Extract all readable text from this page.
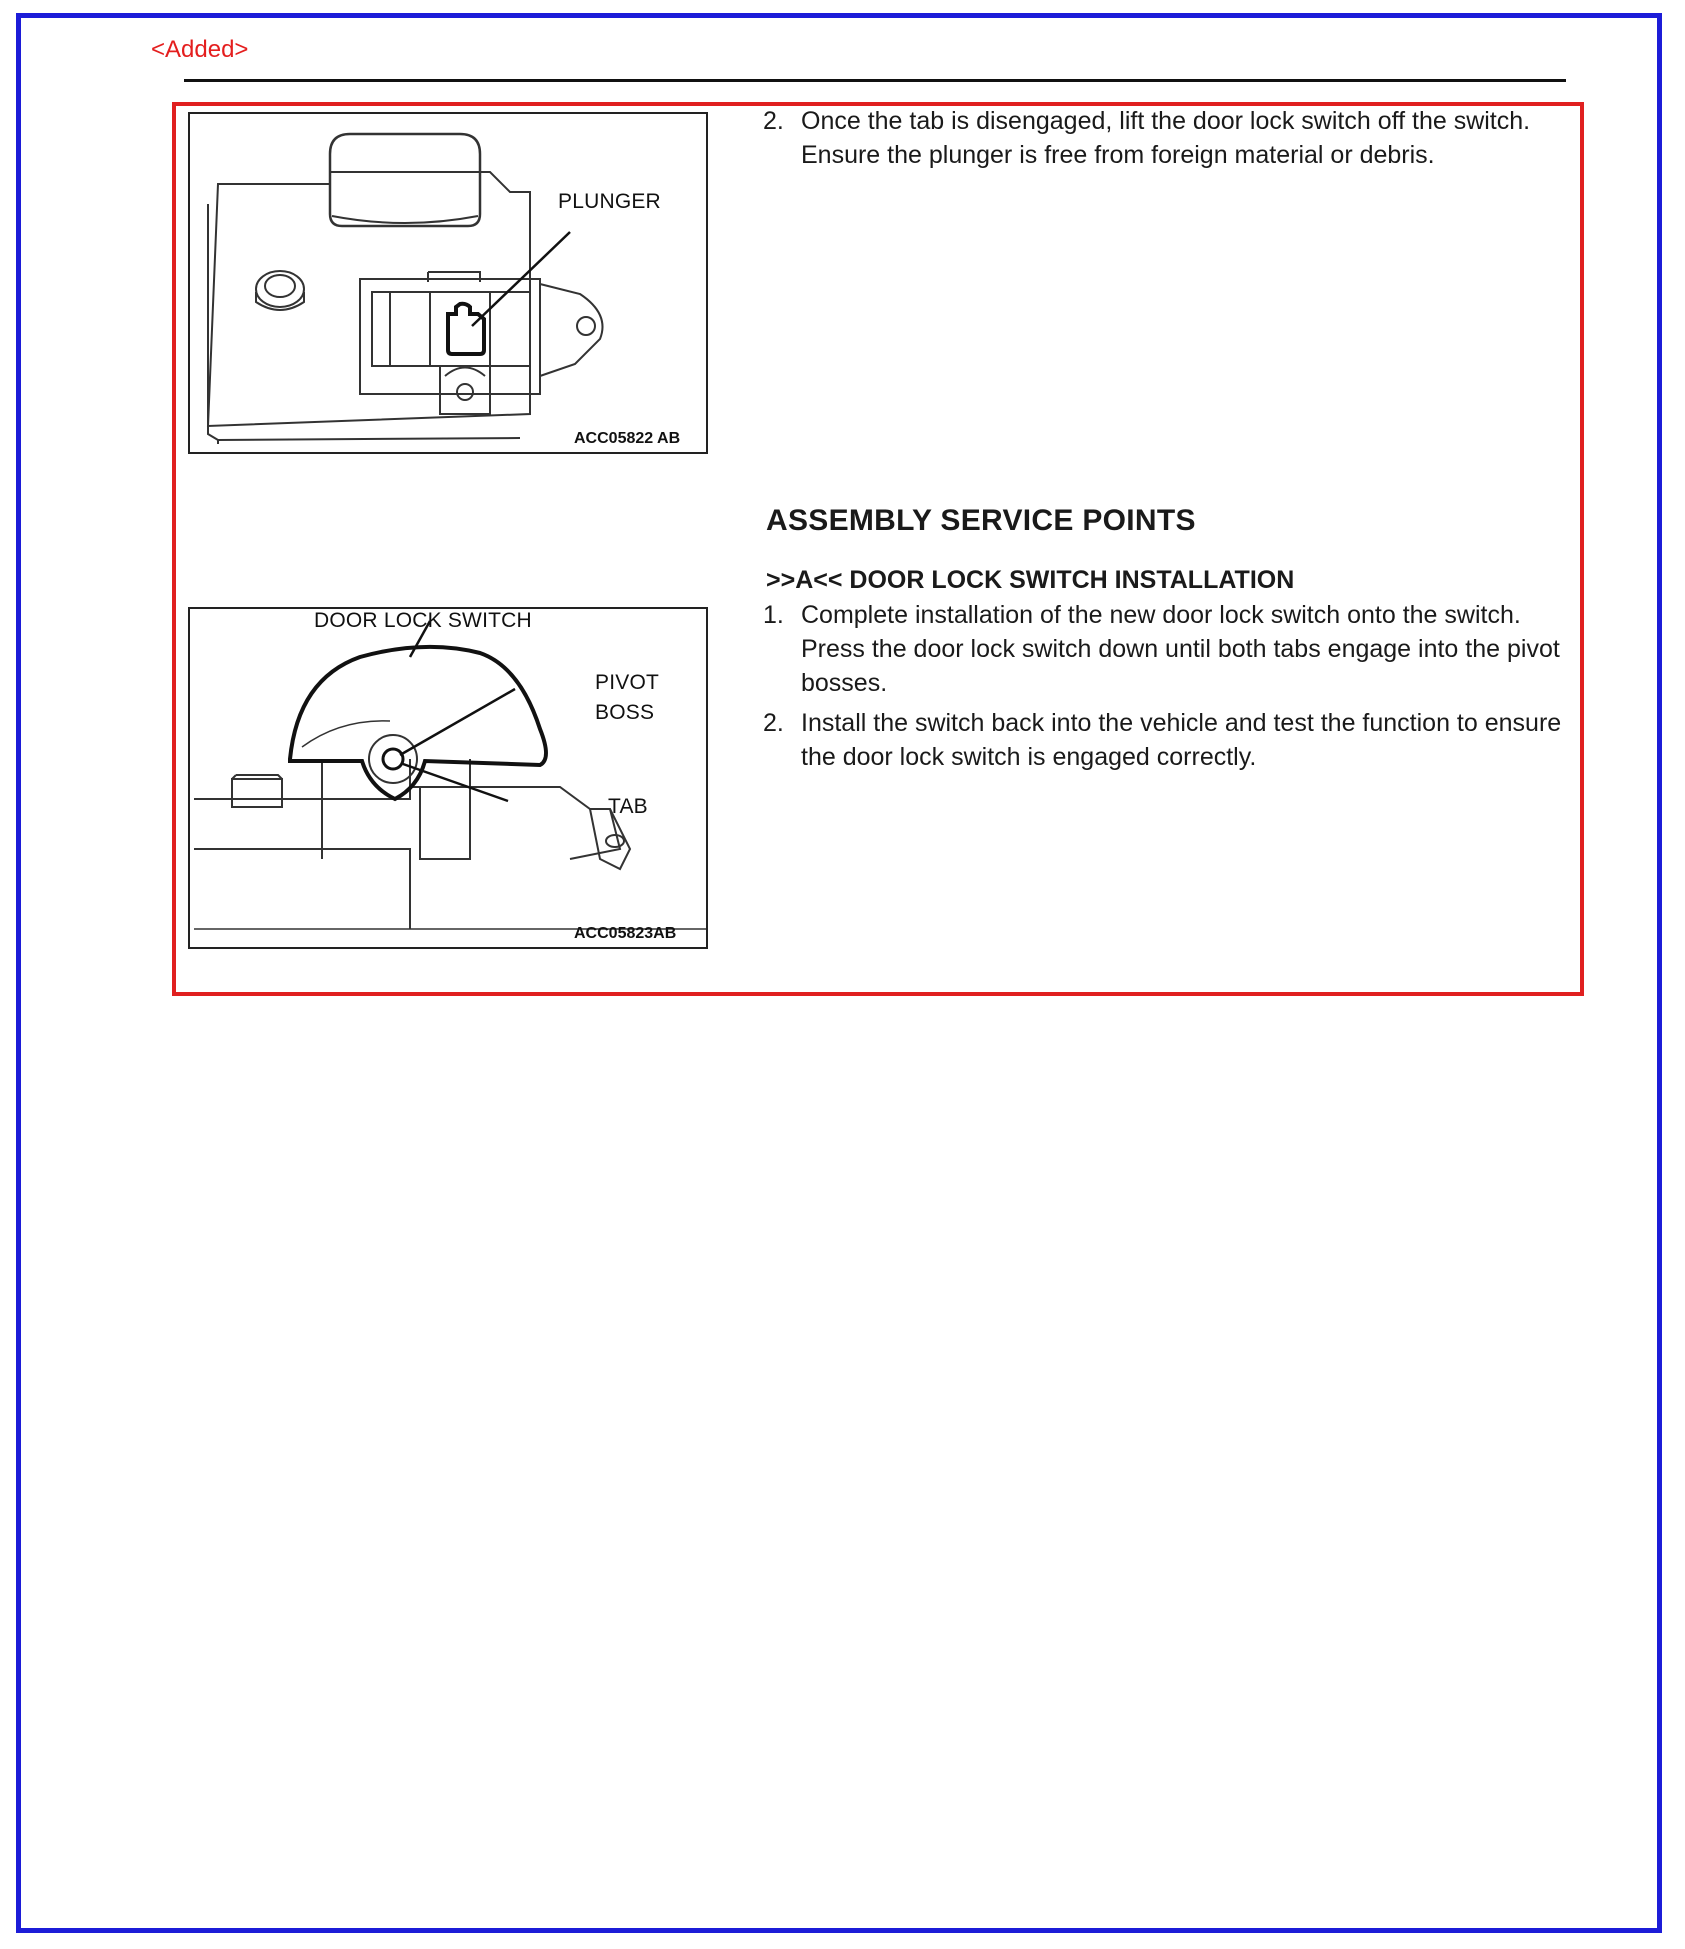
<Added>
PLUNGER
ACC05822 AB
DOOR LOCK SWITCH
PIVOT
BOSS
TAB
ACC05823AB
2. Once the tab is disengaged, lift the door lock switch off the switch. Ensure the plunger is free from foreign material or debris.
ASSEMBLY SERVICE POINTS
>>A<< DOOR LOCK SWITCH INSTALLATION
1. Complete installation of the new door lock switch onto the switch. Press the door lock switch down until both tabs engage into the pivot bosses.
2. Install the switch back into the vehicle and test the function to ensure the door lock switch is engaged correctly.
